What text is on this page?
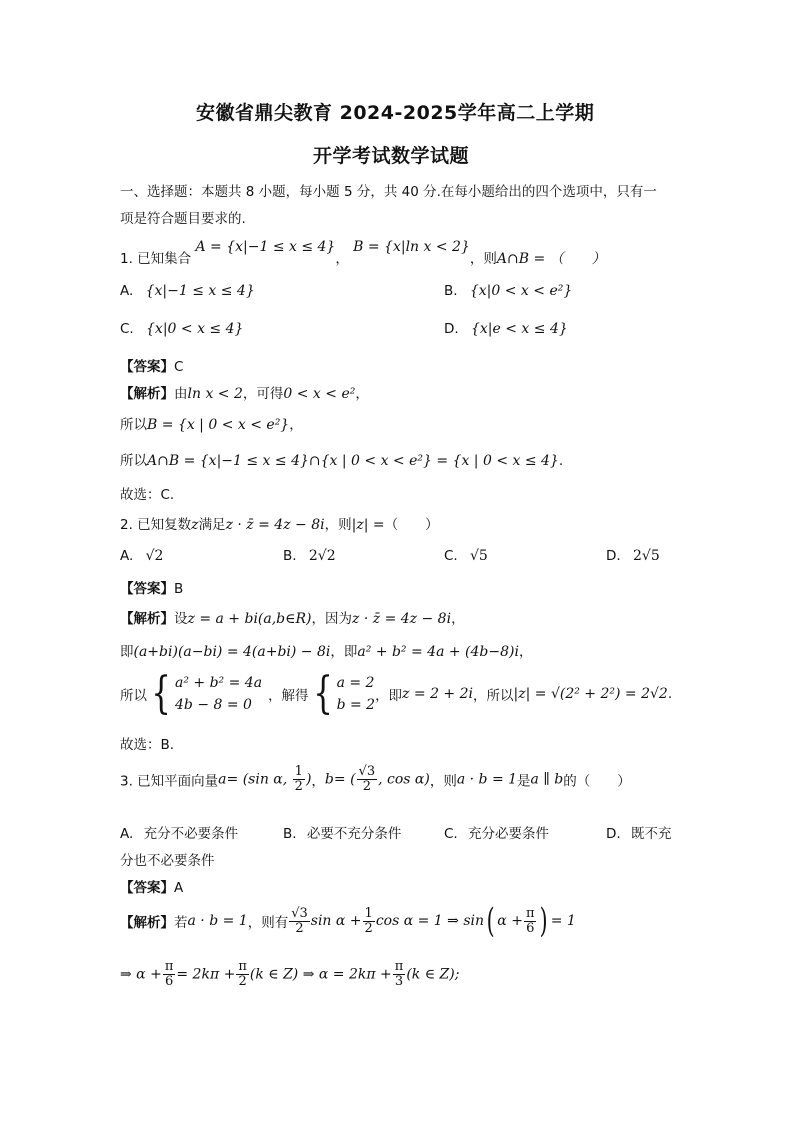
安徽省鼎尖教育 2024-2025学年高二上学期
开学考试数学试题
一、选择题：本题共 8 小题，每小题 5 分，共 40 分.在每小题给出的四个选项中，只有一
项是符合题目要求的.
1. 已知集合 A = {x|−1 ≤ x ≤ 4}， B = {x|ln x < 2}，则A∩B = （　　）
A. {x|−1 ≤ x ≤ 4}	B. {x|0 < x < e²}
C. {x|0 < x ≤ 4}	D. {x|e < x ≤ 4}
【答案】C
【解析】由ln x < 2，可得0 < x < e²，
所以B = {x | 0 < x < e²}，
所以A∩B = {x|−1 ≤ x ≤ 4}∩{x | 0 < x < e²} = {x | 0 < x ≤ 4}.
故选：C.
2. 已知复数z满足z · z̄ = 4z − 8i，则|z| =（　　）
A. √2	B. 2√2	C. √5	D. 2√5
【答案】B
【解析】设z = a + bi(a,b∈R)，因为z · z̄ = 4z − 8i，
即(a+bi)(a−bi) = 4(a+bi) − 8i，即a² + b² = 4a + (4b−8)i，
所以{ a² + b² = 4a
4b − 8 = 0
，解得{ a = 2
b = 2
，即z = 2 + 2i，所以|z| = √(2² + 2²) = 2√2.
故选：B.
3. 已知平面向量a= (sin α, $\frac{1}{2}$ )，b= ( $\frac{√3}{2}$ , cos α)，则a · b = 1是a ∥ b的（　　）
A. 充分不必要条件	B. 必要不充分条件	C. 充分必要条件	D. 既不充
分也不必要条件
【答案】A
【解析】若a · b = 1，则有 $\frac{√3}{2}$ $\sin \alpha + \frac{1}{2}$ cos α = 1 ⇒ sin( $\alpha + \frac{\pi}{6}$ ) = 1
⇒ $\alpha + \frac{\pi}{6} = 2k\pi + \frac{\pi}{2} (k$ ∈ Z) ⇒ $\alpha = 2k\pi + \frac{\pi}{3} (k$ ∈ Z);
